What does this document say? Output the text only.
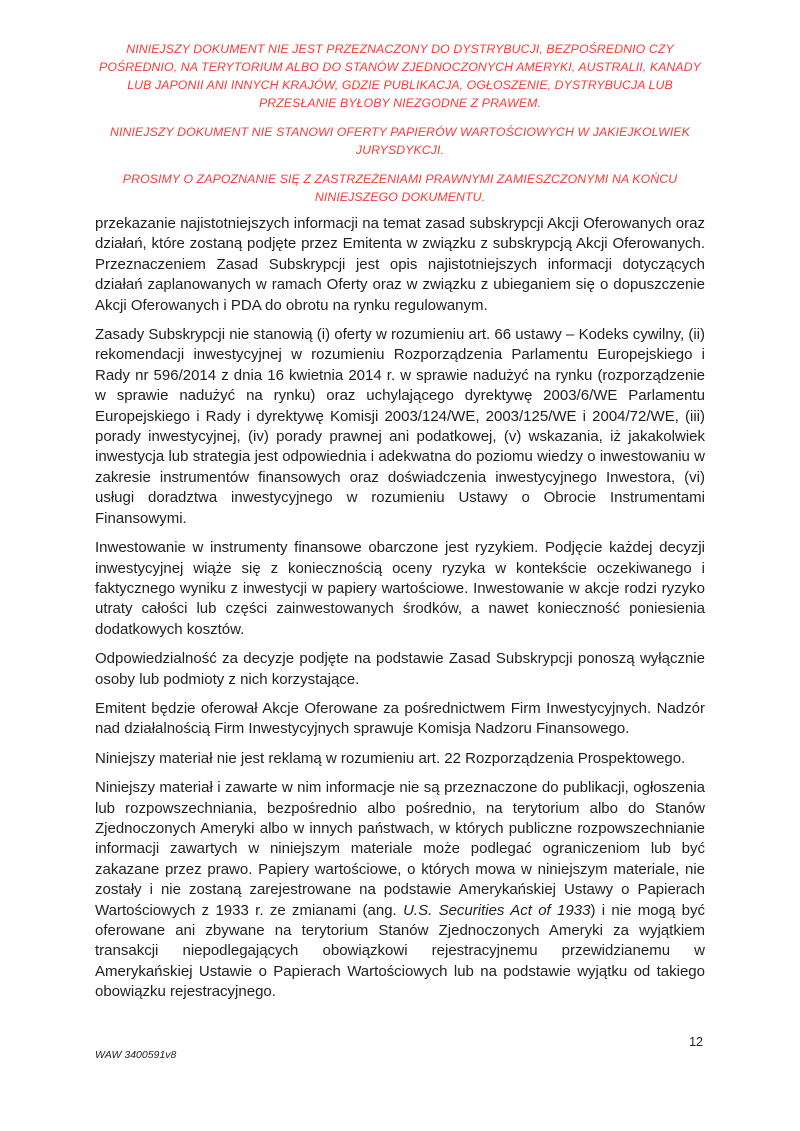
NINIEJSZY DOKUMENT NIE JEST PRZEZNACZONY DO DYSTRYBUCJI, BEZPOŚREDNIO CZY POŚREDNIO, NA TERYTORIUM ALBO DO STANÓW ZJEDNOCZONYCH AMERYKI, AUSTRALII, KANADY LUB JAPONII ANI INNYCH KRAJÓW, GDZIE PUBLIKACJA, OGŁOSZENIE, DYSTRYBUCJA LUB PRZESŁANIE BYŁOBY NIEZGODNE Z PRAWEM.

NINIEJSZY DOKUMENT NIE STANOWI OFERTY PAPIERÓW WARTOŚCIOWYCH W JAKIEJKOLWIEK JURYSDYKCJI.

PROSIMY O ZAPOZNANIE SIĘ Z ZASTRZEŻENIAMI PRAWNYMI ZAMIESZCZONYMI NA KOŃCU NINIEJSZEGO DOKUMENTU.

przekazanie najistotniejszych informacji na temat zasad subskrypcji Akcji Oferowanych oraz działań, które zostaną podjęte przez Emitenta w związku z subskrypcją Akcji Oferowanych. Przeznaczeniem Zasad Subskrypcji jest opis najistotniejszych informacji dotyczących działań zaplanowanych w ramach Oferty oraz w związku z ubieganiem się o dopuszczenie Akcji Oferowanych i PDA do obrotu na rynku regulowanym.

Zasady Subskrypcji nie stanowią (i) oferty w rozumieniu art. 66 ustawy – Kodeks cywilny, (ii) rekomendacji inwestycyjnej w rozumieniu Rozporządzenia Parlamentu Europejskiego i Rady nr 596/2014 z dnia 16 kwietnia 2014 r. w sprawie nadużyć na rynku (rozporządzenie w sprawie nadużyć na rynku) oraz uchylającego dyrektywę 2003/6/WE Parlamentu Europejskiego i Rady i dyrektywę Komisji 2003/124/WE, 2003/125/WE i 2004/72/WE, (iii) porady inwestycyjnej, (iv) porady prawnej ani podatkowej, (v) wskazania, iż jakakolwiek inwestycja lub strategia jest odpowiednia i adekwatna do poziomu wiedzy o inwestowaniu w zakresie instrumentów finansowych oraz doświadczenia inwestycyjnego Inwestora, (vi) usługi doradztwa inwestycyjnego w rozumieniu Ustawy o Obrocie Instrumentami Finansowymi.

Inwestowanie w instrumenty finansowe obarczone jest ryzykiem. Podjęcie każdej decyzji inwestycyjnej wiąże się z koniecznością oceny ryzyka w kontekście oczekiwanego i faktycznego wyniku z inwestycji w papiery wartościowe. Inwestowanie w akcje rodzi ryzyko utraty całości lub części zainwestowanych środków, a nawet konieczność poniesienia dodatkowych kosztów.

Odpowiedzialność za decyzje podjęte na podstawie Zasad Subskrypcji ponoszą wyłącznie osoby lub podmioty z nich korzystające.

Emitent będzie oferował Akcje Oferowane za pośrednictwem Firm Inwestycyjnych. Nadzór nad działalnością Firm Inwestycyjnych sprawuje Komisja Nadzoru Finansowego.

Niniejszy materiał nie jest reklamą w rozumieniu art. 22 Rozporządzenia Prospektowego.

Niniejszy materiał i zawarte w nim informacje nie są przeznaczone do publikacji, ogłoszenia lub rozpowszechniania, bezpośrednio albo pośrednio, na terytorium albo do Stanów Zjednoczonych Ameryki albo w innych państwach, w których publiczne rozpowszechnianie informacji zawartych w niniejszym materiale może podlegać ograniczeniom lub być zakazane przez prawo. Papiery wartościowe, o których mowa w niniejszym materiale, nie zostały i nie zostaną zarejestrowane na podstawie Amerykańskiej Ustawy o Papierach Wartościowych z 1933 r. ze zmianami (ang. U.S. Securities Act of 1933) i nie mogą być oferowane ani zbywane na terytorium Stanów Zjednoczonych Ameryki za wyjątkiem transakcji niepodlegających obowiązkowi rejestracyjnemu przewidzianemu w Amerykańskiej Ustawie o Papierach Wartościowych lub na podstawie wyjątku od takiego obowiązku rejestracyjnego.

12
WAW 3400591v8
